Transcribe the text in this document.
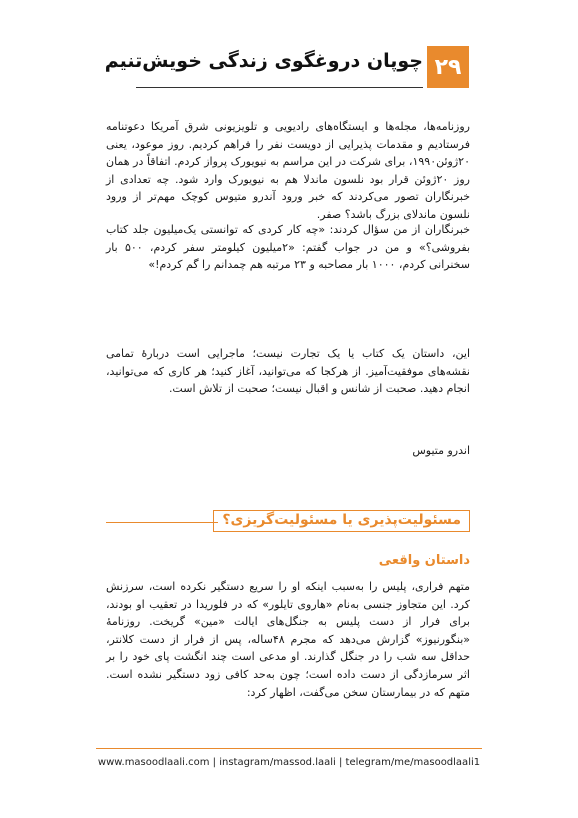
۲۹
چوپان دروغگوی زندگی خویش‌تنیم

روزنامه‌ها، مجله‌ها و ایستگاه‌های رادیویی و تلویزیونی شرق آمریکا دعوتنامه فرستادیم و مقدمات پذیرایی از دویست نفر را فراهم کردیم. روز موعود، یعنی ۲۰ژوئن۱۹۹۰، برای شرکت در این مراسم به نیویورک پرواز کردم. اتفاقاً در همان روز ۲۰ژوئن قرار بود نلسون ماندلا هم به نیویورک وارد شود. چه تعدادی از خبرنگاران تصور می‌کردند که خبر ورود آندرو متیوس کوچک مهم‌تر از ورود نلسون ماندلای بزرگ باشد؟ صفر.

خبرنگاران از من سؤال کردند: «چه کار کردی که توانستی یک‌میلیون جلد کتاب بفروشی؟» و من در جواب گفتم: «۲میلیون کیلومتر سفر کردم، ۵۰۰ بار سخنرانی کردم، ۱۰۰۰ بار مصاحبه و ۲۳ مرتبه هم چمدانم را گم کردم!»

این، داستان یک کتاب یا یک تجارت نیست؛ ماجرایی است دربارهٔ تمامی نقشه‌های موفقیت‌آمیز. از هرکجا که می‌توانید، آغاز کنید؛ هر کاری که می‌توانید، انجام دهید. صحبت از شانس و اقبال نیست؛ صحبت از تلاش است.

اندرو متیوس

مسئولیت‌پذیری یا مسئولیت‌گریزی؟
داستان واقعی

متهم فراری، پلیس را به‌سبب اینکه او را سریع دستگیر نکرده است، سرزنش کرد. این متجاوز جنسی به‌نام «هاروی تایلور» که در فلوریدا در تعقیب او بودند، برای فرار از دست پلیس به جنگل‌های ایالت «مین» گریخت. روزنامهٔ «بنگورنیوز» گزارش می‌دهد که مجرم ۴۸ساله، پس از فرار از دست کلانتر، حداقل سه شب را در جنگل گذارند. او مدعی است چند انگشت پای خود را بر اثر سرمازدگی از دست داده است؛ چون به‌حد کافی زود دستگیر نشده است. متهم که در بیمارستان سخن می‌گفت، اظهار کرد:

www.masoodlaali.com | instagram/massod.laali | telegram/me/masoodlaali1
